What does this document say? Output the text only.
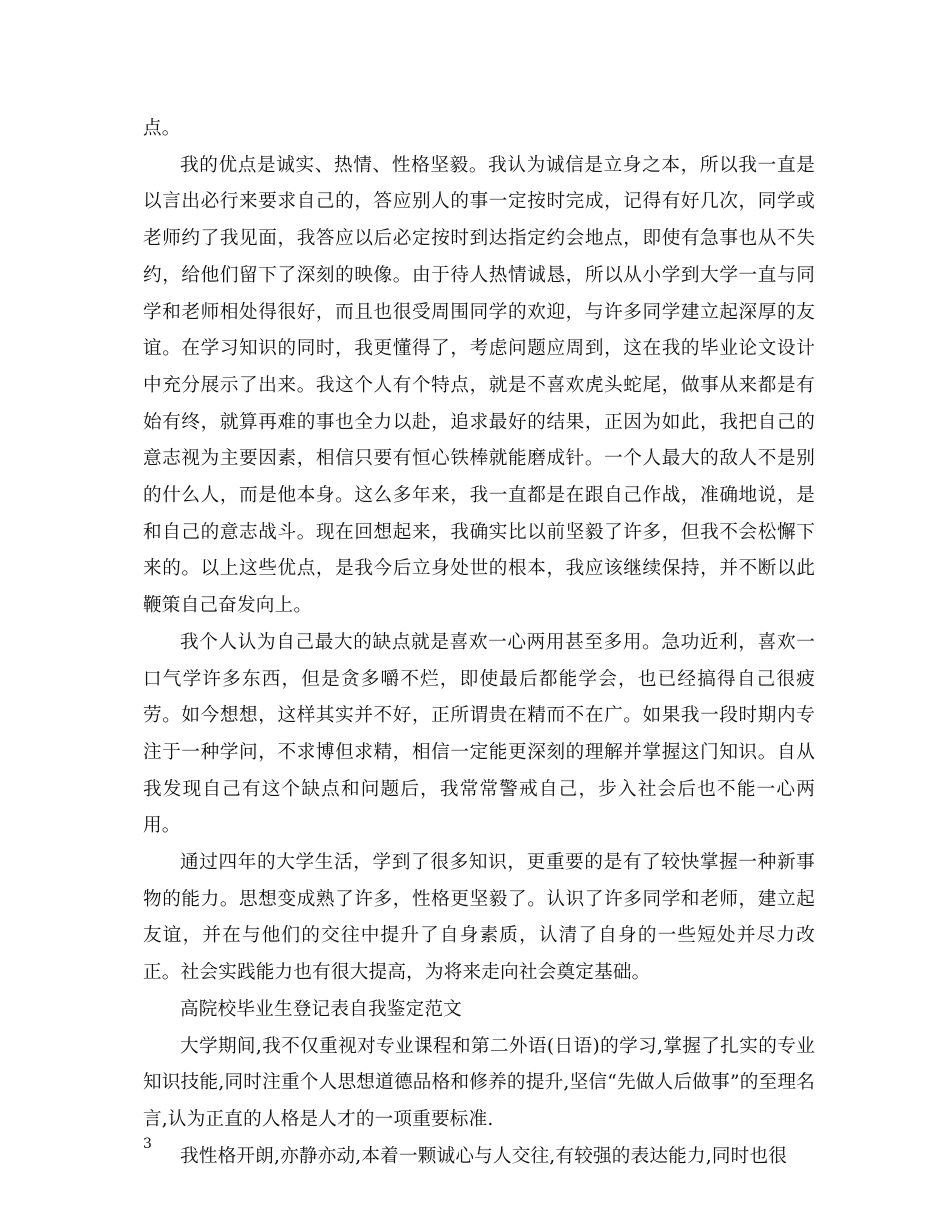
点。

我的优点是诚实、热情、性格坚毅。我认为诚信是立身之本，所以我一直是以言出必行来要求自己的，答应别人的事一定按时完成，记得有好几次，同学或老师约了我见面，我答应以后必定按时到达指定约会地点，即使有急事也从不失约，给他们留下了深刻的映像。由于待人热情诚恳，所以从小学到大学一直与同学和老师相处得很好，而且也很受周围同学的欢迎，与许多同学建立起深厚的友谊。在学习知识的同时，我更懂得了，考虑问题应周到，这在我的毕业论文设计中充分展示了出来。我这个人有个特点，就是不喜欢虎头蛇尾，做事从来都是有始有终，就算再难的事也全力以赴，追求最好的结果，正因为如此，我把自己的意志视为主要因素，相信只要有恒心铁棒就能磨成针。一个人最大的敌人不是别的什么人，而是他本身。这么多年来，我一直都是在跟自己作战，准确地说，是和自己的意志战斗。现在回想起来，我确实比以前坚毅了许多，但我不会松懈下来的。以上这些优点，是我今后立身处世的根本，我应该继续保持，并不断以此鞭策自己奋发向上。

我个人认为自己最大的缺点就是喜欢一心两用甚至多用。急功近利，喜欢一口气学许多东西，但是贪多嚼不烂，即使最后都能学会，也已经搞得自己很疲劳。如今想想，这样其实并不好，正所谓贵在精而不在广。如果我一段时期内专注于一种学问，不求博但求精，相信一定能更深刻的理解并掌握这门知识。自从我发现自己有这个缺点和问题后，我常常警戒自己，步入社会后也不能一心两用。

通过四年的大学生活，学到了很多知识，更重要的是有了较快掌握一种新事物的能力。思想变成熟了许多，性格更坚毅了。认识了许多同学和老师，建立起友谊，并在与他们的交往中提升了自身素质，认清了自身的一些短处并尽力改正。社会实践能力也有很大提高，为将来走向社会奠定基础。

高院校毕业生登记表自我鉴定范文

大学期间,我不仅重视对专业课程和第二外语(日语)的学习,掌握了扎实的专业知识技能,同时注重个人思想道德品格和修养的提升,坚信“先做人后做事”的至理名言,认为正直的人格是人才的一项重要标准.

我性格开朗,亦静亦动,本着一颗诚心与人交往,有较强的表达能力,同时也很

3
